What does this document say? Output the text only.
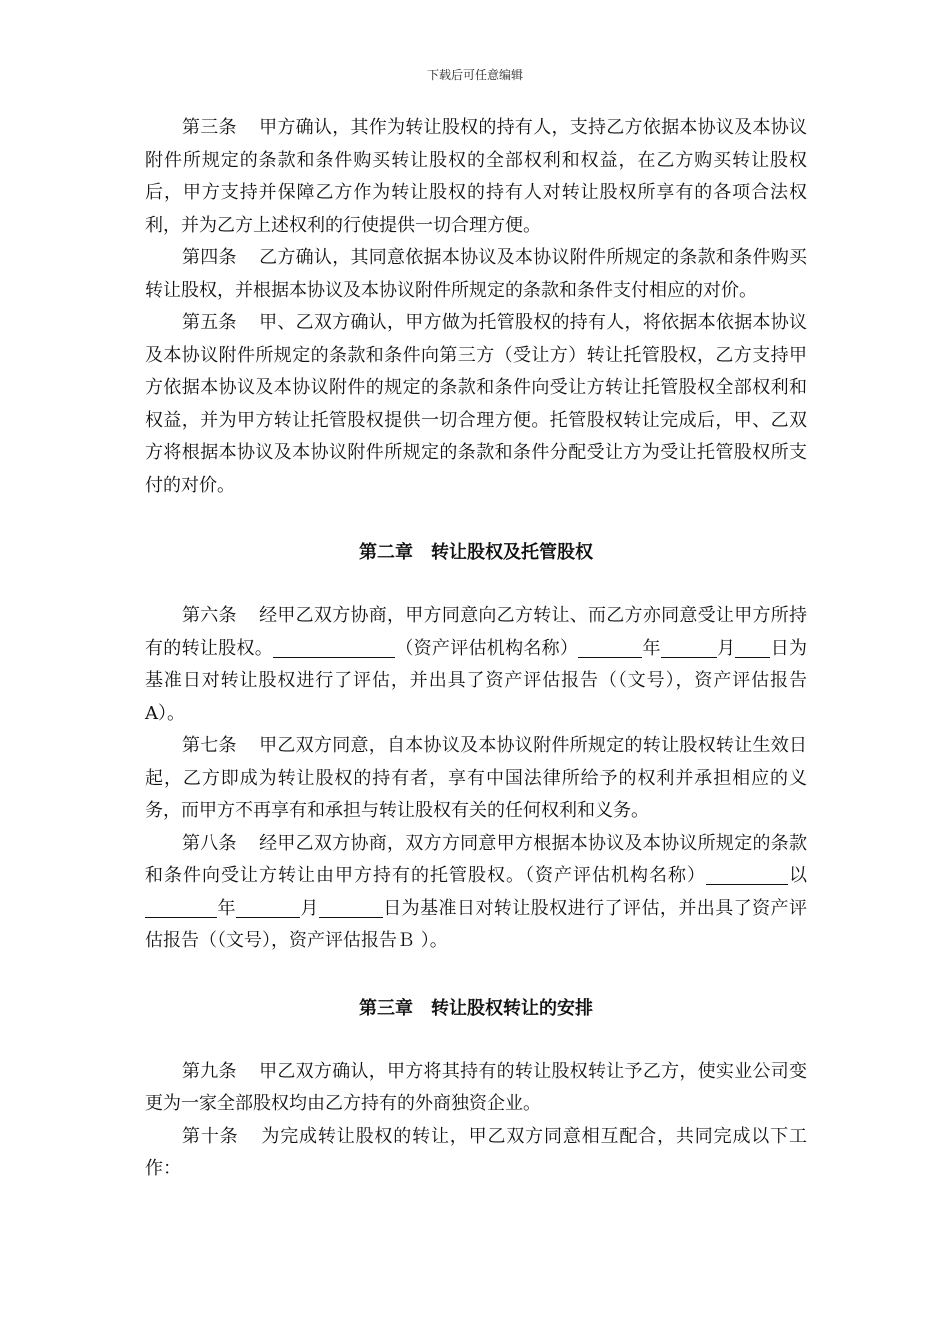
下载后可任意编辑

第三条 甲方确认，其作为转让股权的持有人，支持乙方依据本协议及本协议附件所规定的条款和条件购买转让股权的全部权利和权益，在乙方购买转让股权后，甲方支持并保障乙方作为转让股权的持有人对转让股权所享有的各项合法权利，并为乙方上述权利的行使提供一切合理方便。

第四条 乙方确认，其同意依据本协议及本协议附件所规定的条款和条件购买转让股权，并根据本协议及本协议附件所规定的条款和条件支付相应的对价。

第五条 甲、乙双方确认，甲方做为托管股权的持有人，将依据本依据本协议及本协议附件所规定的条款和条件向第三方（受让方）转让托管股权，乙方支持甲方依据本协议及本协议附件的规定的条款和条件向受让方转让托管股权全部权利和权益，并为甲方转让托管股权提供一切合理方便。托管股权转让完成后，甲、乙双方将根据本协议及本协议附件所规定的条款和条件分配受让方为受让托管股权所支付的对价。

第二章　转让股权及托管股权

第六条 经甲乙双方协商，甲方同意向乙方转让、而乙方亦同意受让甲方所持有的转让股权。	（资产评估机构名称）	年	月 日为基准日对转让股权进行了评估，并出具了资产评估报告（（文号），资产评估报告A）。

第七条 甲乙双方同意，自本协议及本协议附件所规定的转让股权转让生效日起，乙方即成为转让股权的持有者，享有中国法律所给予的权利并承担相应的义务，而甲方不再享有和承担与转让股权有关的任何权利和义务。

第八条 经甲乙双方协商，双方方同意甲方根据本协议及本协议所规定的条款和条件向受让方转让由甲方持有的托管股权。（资产评估机构名称）	以年	月	日为基准日对转让股权进行了评估，并出具了资产评估报告（（文号），资产评估报告Ｂ ）。

第三章　转让股权转让的安排

第九条 甲乙双方确认，甲方将其持有的转让股权转让予乙方，使实业公司变更为一家全部股权均由乙方持有的外商独资企业。

第十条 为完成转让股权的转让，甲乙双方同意相互配合，共同完成以下工作：
